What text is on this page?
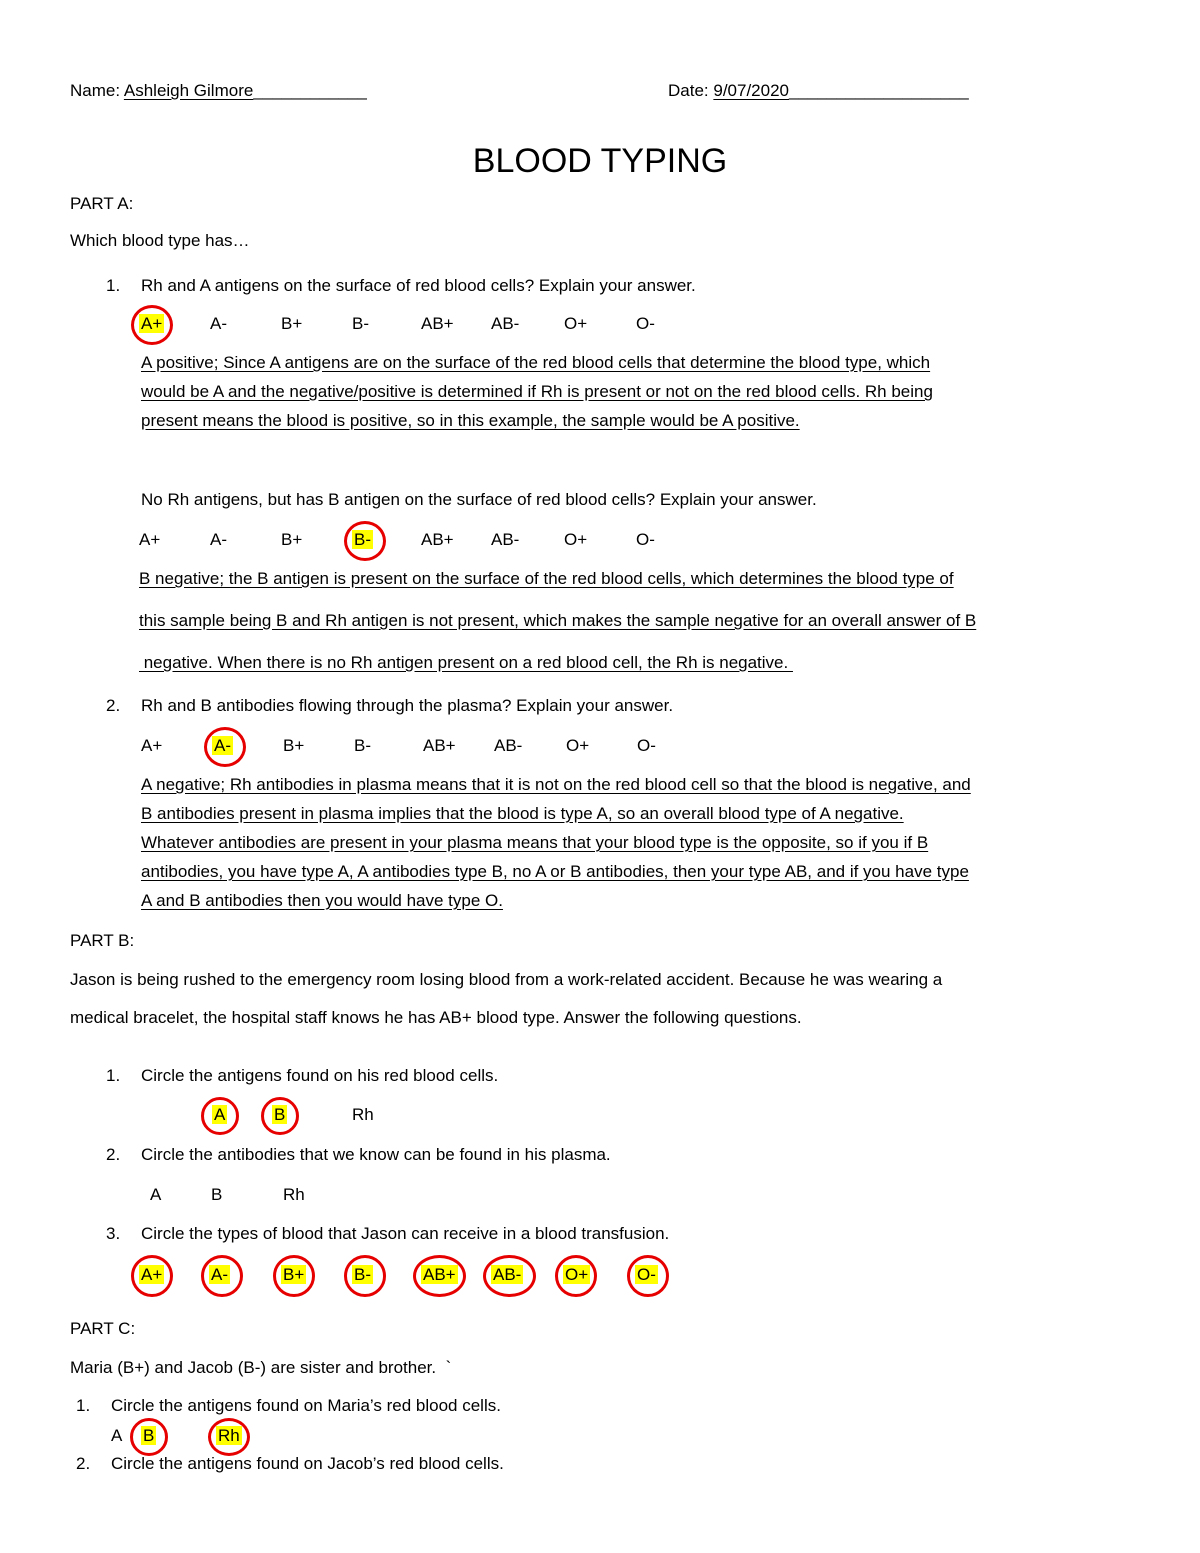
Name: Ashleigh Gilmore____________	Date: 9/07/2020___________________
BLOOD TYPING
PART A:
Which blood type has…
1. Rh and A antigens on the surface of red blood cells? Explain your answer.
A+	A-	B+	B-	AB+ AB-	O+	O-
A positive; Since A antigens are on the surface of the red blood cells that determine the blood type, which
would be A and the negative/positive is determined if Rh is present or not on the red blood cells. Rh being
present means the blood is positive, so in this example, the sample would be A positive.
No Rh antigens, but has B antigen on the surface of red blood cells? Explain your answer.
A+	A-	B+	B-	AB+ AB-	O+	O-
B negative; the B antigen is present on the surface of the red blood cells, which determines the blood type of
this sample being B and Rh antigen is not present, which makes the sample negative for an overall answer of B
negative. When there is no Rh antigen present on a red blood cell, the Rh is negative.
2. Rh and B antibodies flowing through the plasma? Explain your answer.
A+	A-	B+	B-	AB+ AB-	O+	O-
A negative; Rh antibodies in plasma means that it is not on the red blood cell so that the blood is negative, and
B antibodies present in plasma implies that the blood is type A, so an overall blood type of A negative.
Whatever antibodies are present in your plasma means that your blood type is the opposite, so if you if B
antibodies, you have type A, A antibodies type B, no A or B antibodies, then your type AB, and if you have type
A and B antibodies then you would have type O.
PART B:
Jason is being rushed to the emergency room losing blood from a work-related accident. Because he was wearing a
medical bracelet, the hospital staff knows he has AB+ blood type. Answer the following questions.
1. Circle the antigens found on his red blood cells.
A	B	Rh
2. Circle the antibodies that we know can be found in his plasma.
A	B	Rh
3. Circle the types of blood that Jason can receive in a blood transfusion.
A+	A-	B+	B-	AB+ AB-	O+	O-
PART C:
Maria (B+) and Jacob (B-) are sister and brother.  `
1. Circle the antigens found on Maria’s red blood cells.
A B	Rh
2. Circle the antigens found on Jacob’s red blood cells.
